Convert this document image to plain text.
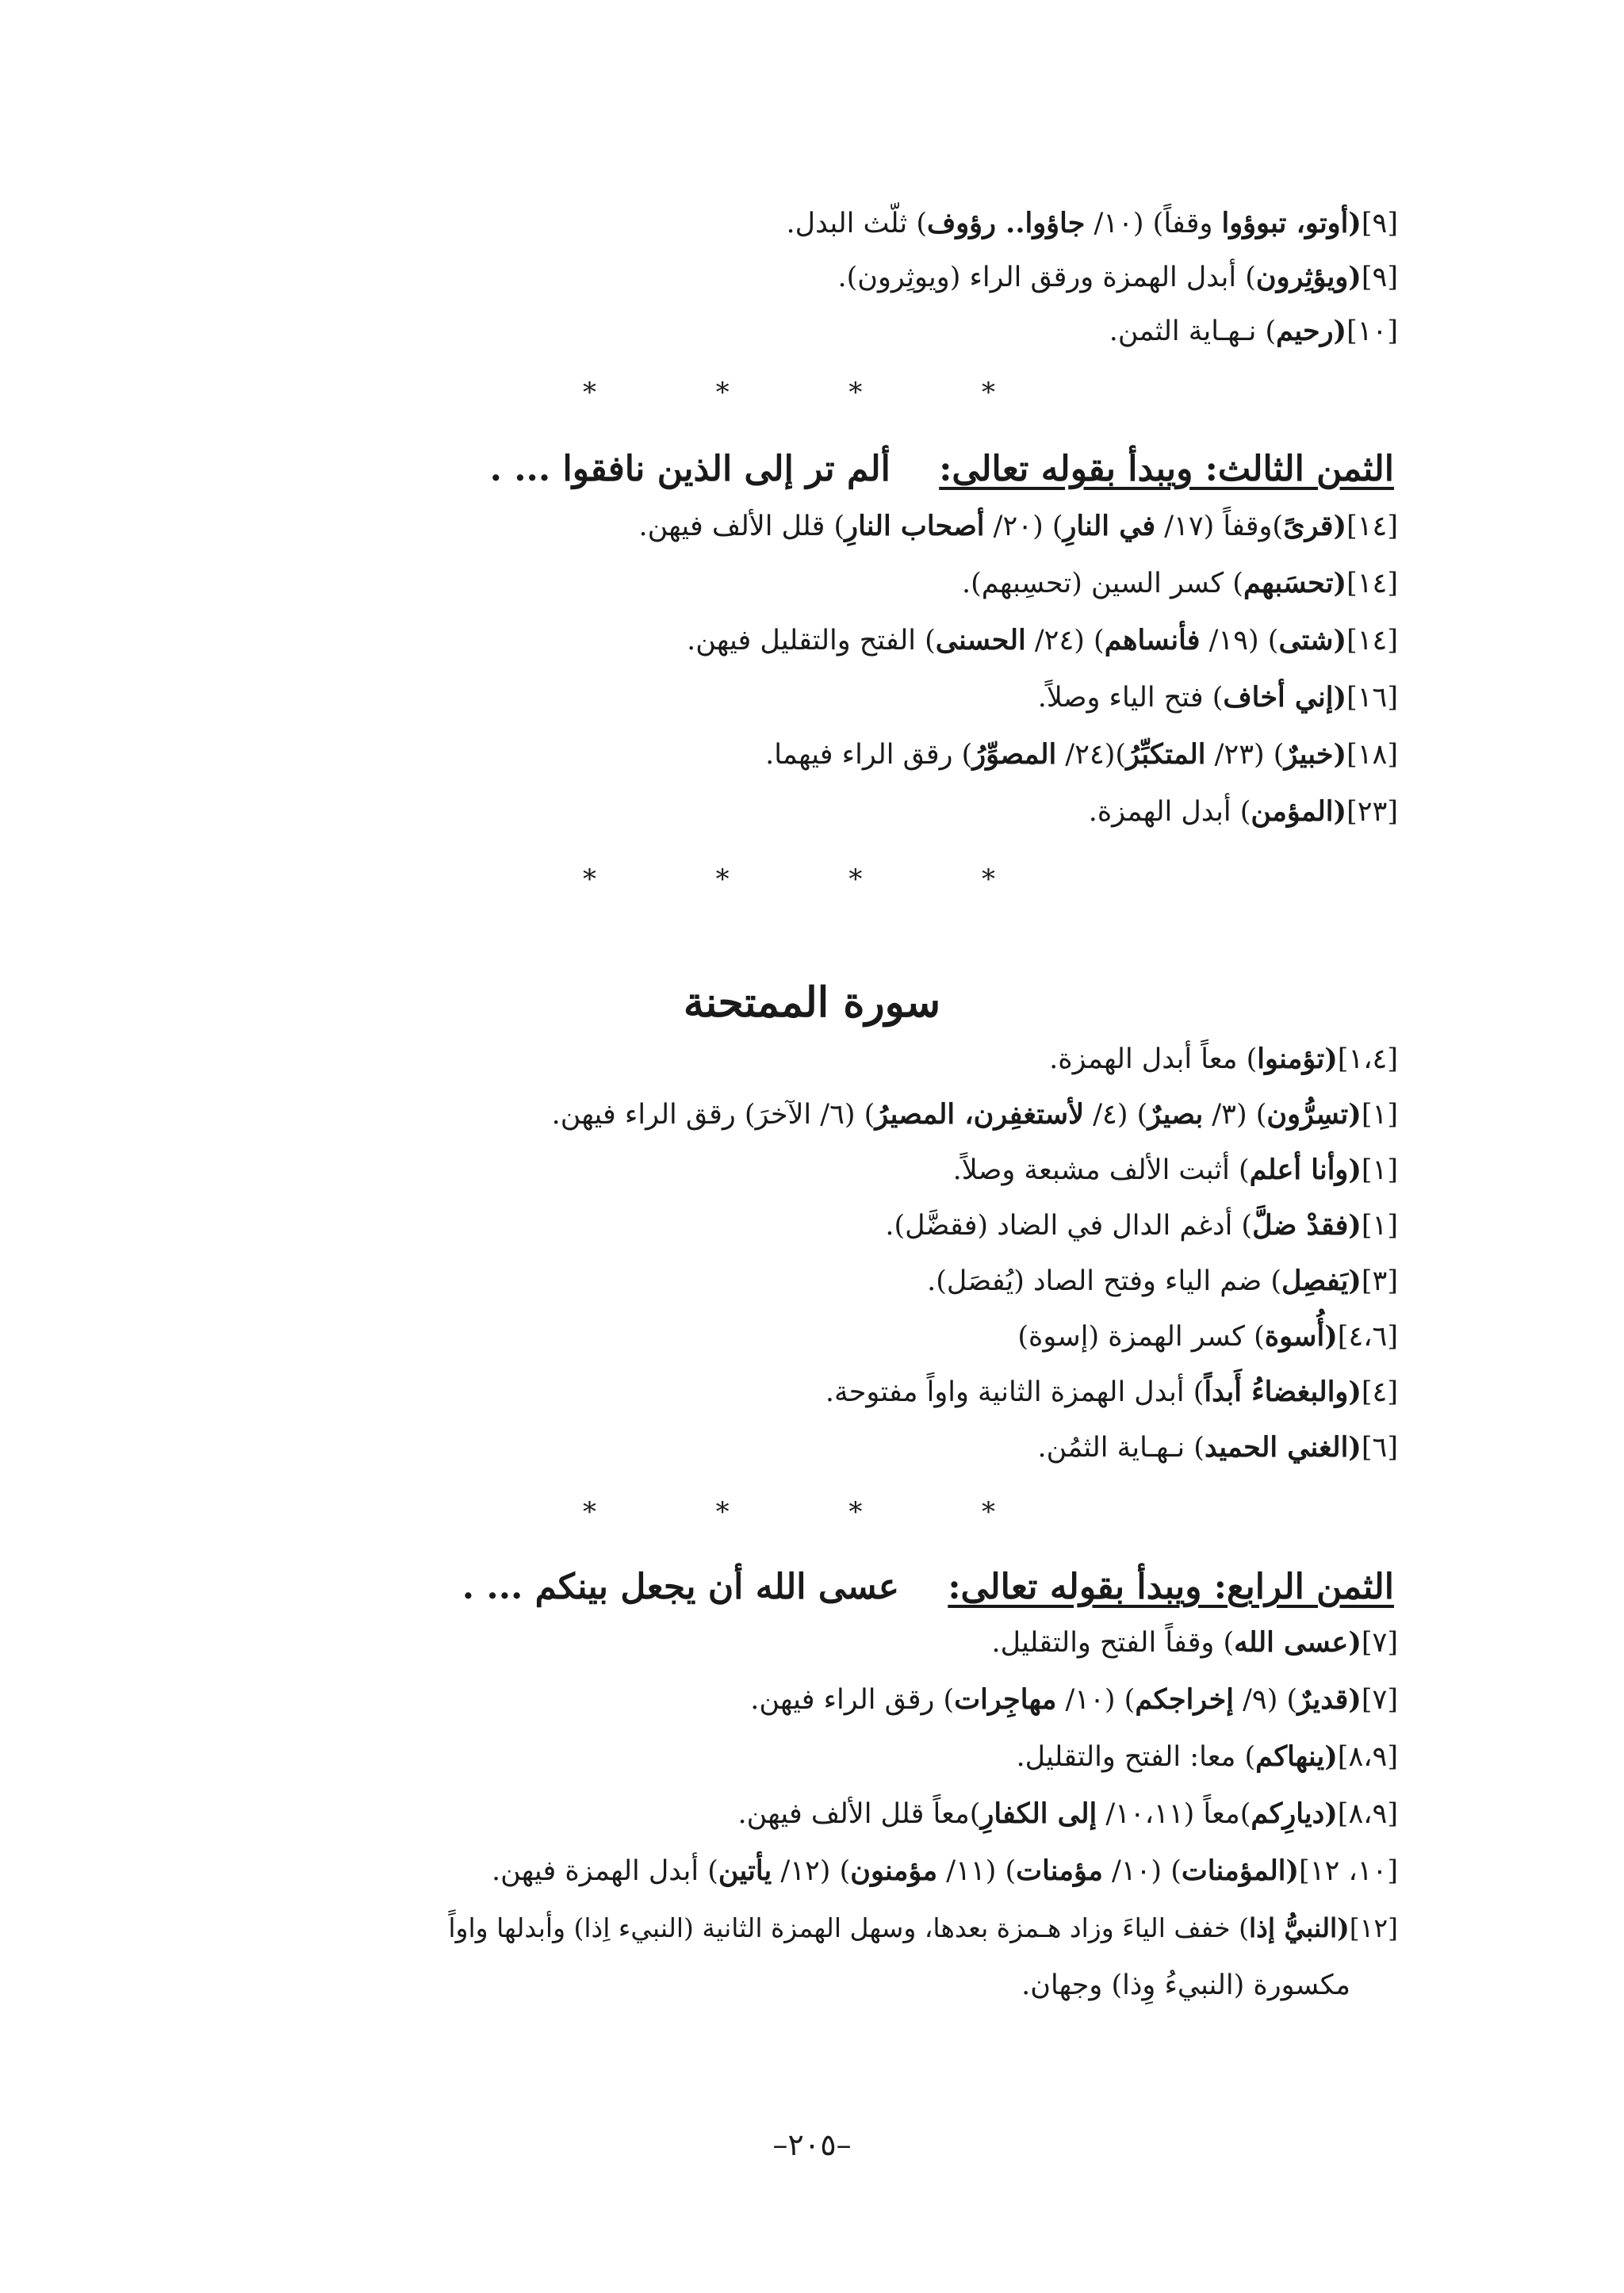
[٩](أوتو، تبوؤوا وقفاً) (١٠/ جاؤوا.. رؤوف) ثلّث البدل.
[٩](ويؤثِرون) أبدل الهمزة ورقق الراء (ويوثِرون).
[١٠](رحيم) نـهـاية الثمن.
*	*	*	*
الثمن الثالث: ويبدأ بقوله تعالى:    ألم تر إلى الذين نافقوا ... .
[١٤](قرىً)وقفاً (١٧/ في النارِ) (٢٠/ أصحاب النارِ) قلل الألف فيهن.
[١٤](تحسَبهم) كسر السين (تحسِبهم).
[١٤](شتى) (١٩/ فأنساهم) (٢٤/ الحسنى) الفتح والتقليل فيهن.
[١٦](إني أخاف) فتح الياء وصلاً.
[١٨](خبيرٌ) (٢٣/ المتكبِّرُ)(٢٤/ المصوِّرُ) رقق الراء فيهما.
[٢٣](المؤمن) أبدل الهمزة.
*	*	*	*
سورة الممتحنة
[١،٤](تؤمنوا) معاً أبدل الهمزة.
[١](تسِرُّون) (٣/ بصيرٌ) (٤/ لأستغفِرن، المصيرُ) (٦/ الآخرَ) رقق الراء فيهن.
[١](وأنا أعلم) أثبت الألف مشبعة وصلاً.
[١](فقدْ ضلَّ) أدغم الدال في الضاد (فقضَّل).
[٣](يَفصِل) ضم الياء وفتح الصاد (يُفصَل).
[٤،٦](أُسوة) كسر الهمزة (إسوة)
[٤](والبغضاءُ أَبداً) أبدل الهمزة الثانية واواً مفتوحة.
[٦](الغني الحميد) نـهـاية الثمُن.
*	*	*	*
الثمن الرابع: ويبدأ بقوله تعالى:    عسى الله أن يجعل بينكم ... .
[٧](عسى الله) وقفاً الفتح والتقليل.
[٧](قديرٌ) (٩/ إخراجكم) (١٠/ مهاجِرات) رقق الراء فيهن.
[٨،٩](ينهاكم) معا: الفتح والتقليل.
[٨،٩](ديارِكم)معاً (١٠،١١/ إلى الكفارِ)معاً قلل الألف فيهن.
[١٠، ١٢](المؤمنات) (١٠/ مؤمنات) (١١/ مؤمنون) (١٢/ يأتين) أبدل الهمزة فيهن.
[١٢](النبيُّ إذا) خفف الياءَ وزاد هـمزة بعدها، وسهل الهمزة الثانية (النبيء اِذا) وأبدلها واواً
مكسورة (النبيءُ وِذا) وجهان.
–٢٠٥–
